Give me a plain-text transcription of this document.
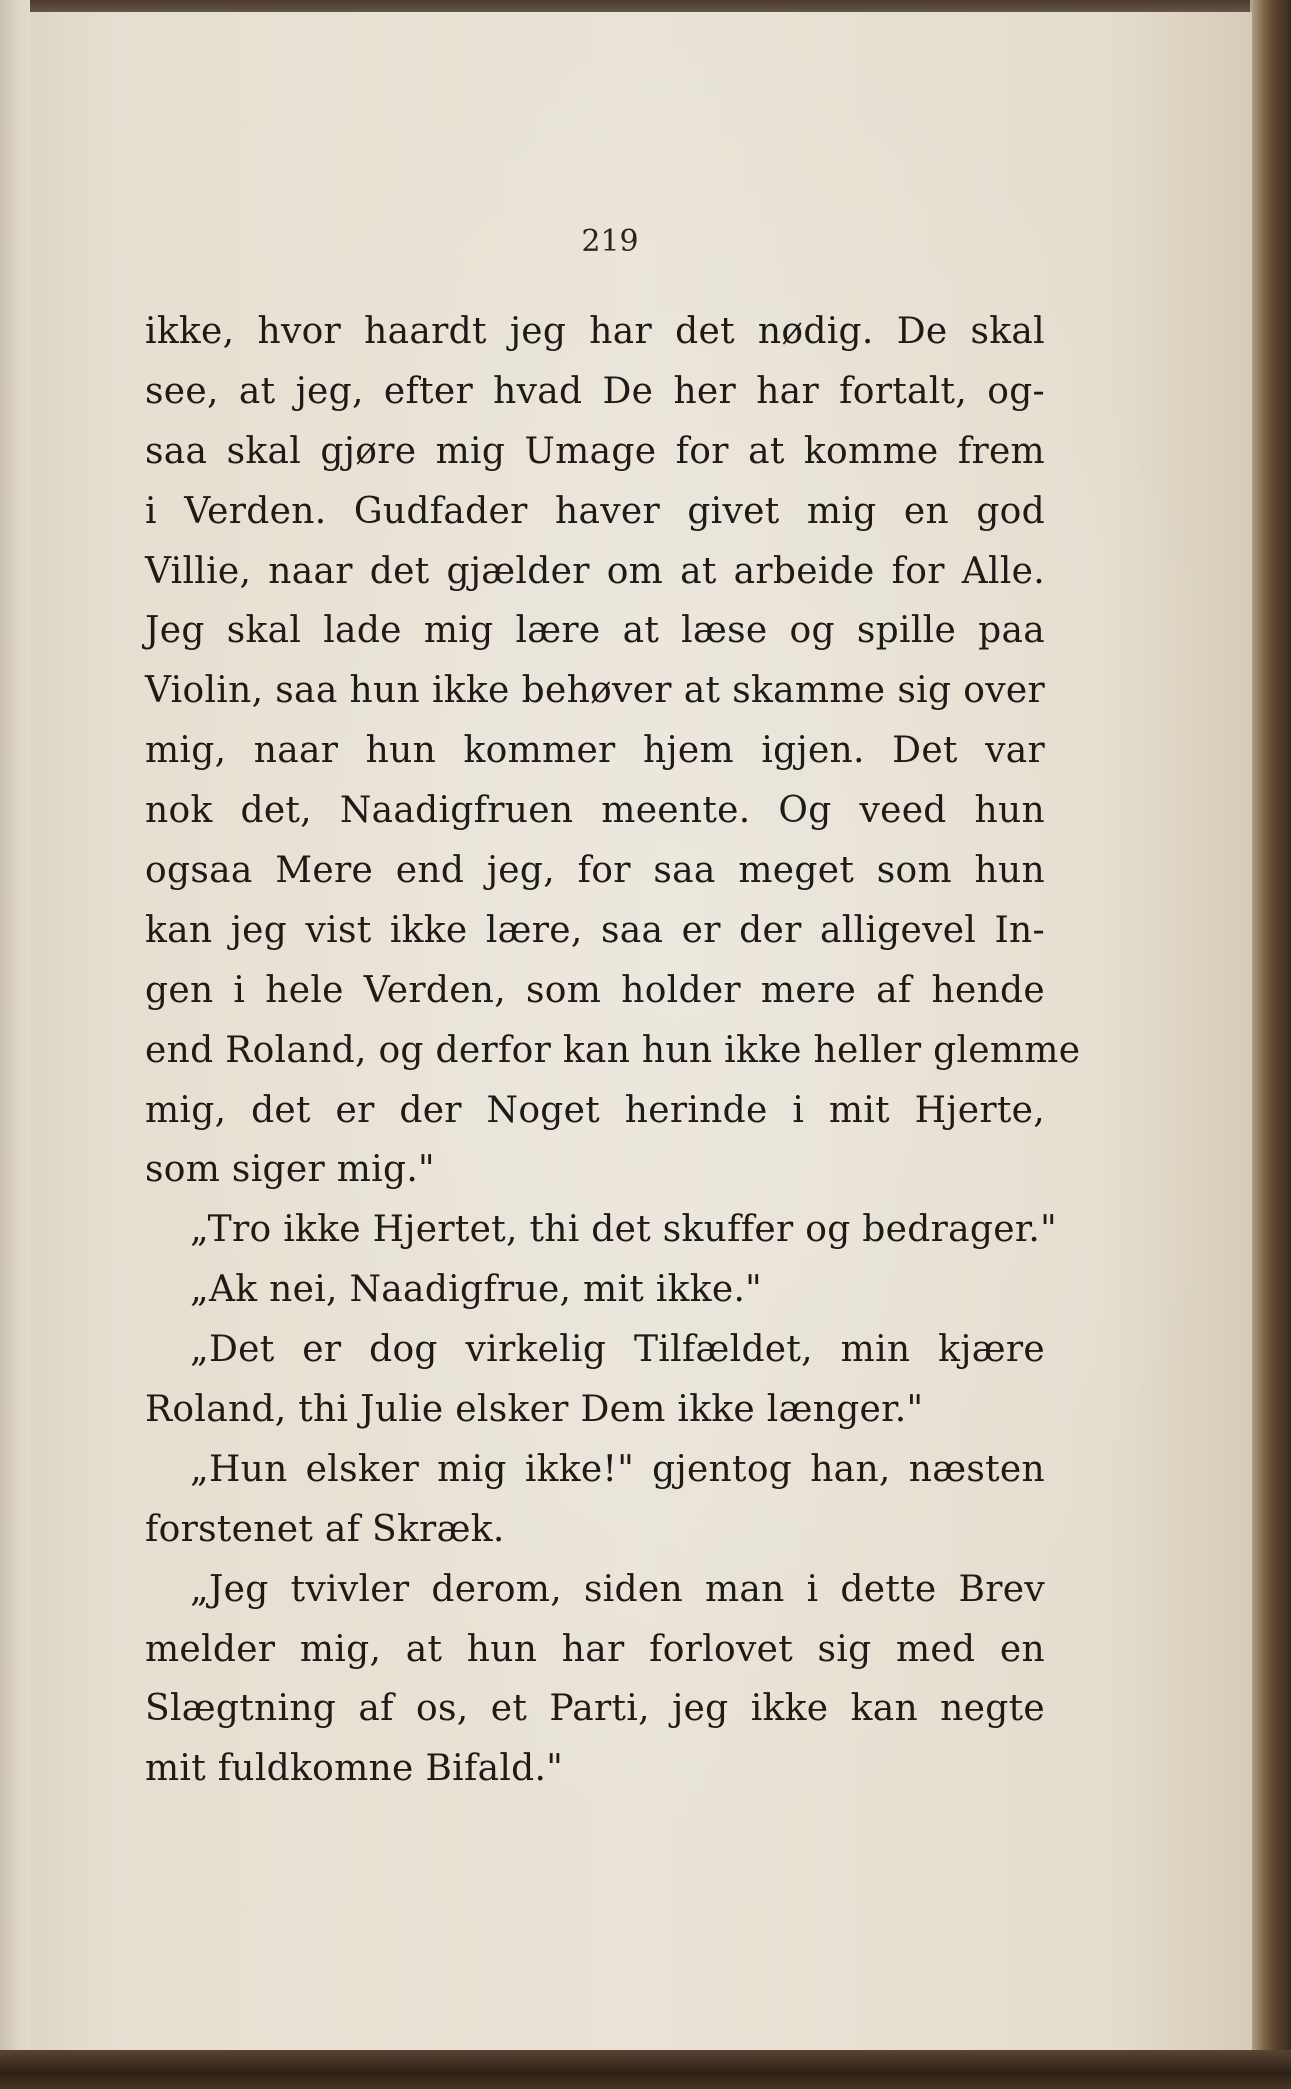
219
ikke, hvor haardt jeg har det nødig. De skal
see, at jeg, efter hvad De her har fortalt, og-
saa skal gjøre mig Umage for at komme frem
i Verden. Gudfader haver givet mig en god
Villie, naar det gjælder om at arbeide for Alle.
Jeg skal lade mig lære at læse og spille paa
Violin, saa hun ikke behøver at skamme sig over
mig, naar hun kommer hjem igjen. Det var
nok det, Naadigfruen meente. Og veed hun
ogsaa Mere end jeg, for saa meget som hun
kan jeg vist ikke lære, saa er der alligevel In-
gen i hele Verden, som holder mere af hende
end Roland, og derfor kan hun ikke heller glemme
mig, det er der Noget herinde i mit Hjerte,
som siger mig."
„Tro ikke Hjertet, thi det skuffer og bedrager."
„Ak nei, Naadigfrue, mit ikke."
„Det er dog virkelig Tilfældet, min kjære
Roland, thi Julie elsker Dem ikke længer."
„Hun elsker mig ikke!" gjentog han, næsten
forstenet af Skræk.
„Jeg tvivler derom, siden man i dette Brev
melder mig, at hun har forlovet sig med en
Slægtning af os, et Parti, jeg ikke kan negte
mit fuldkomne Bifald."
